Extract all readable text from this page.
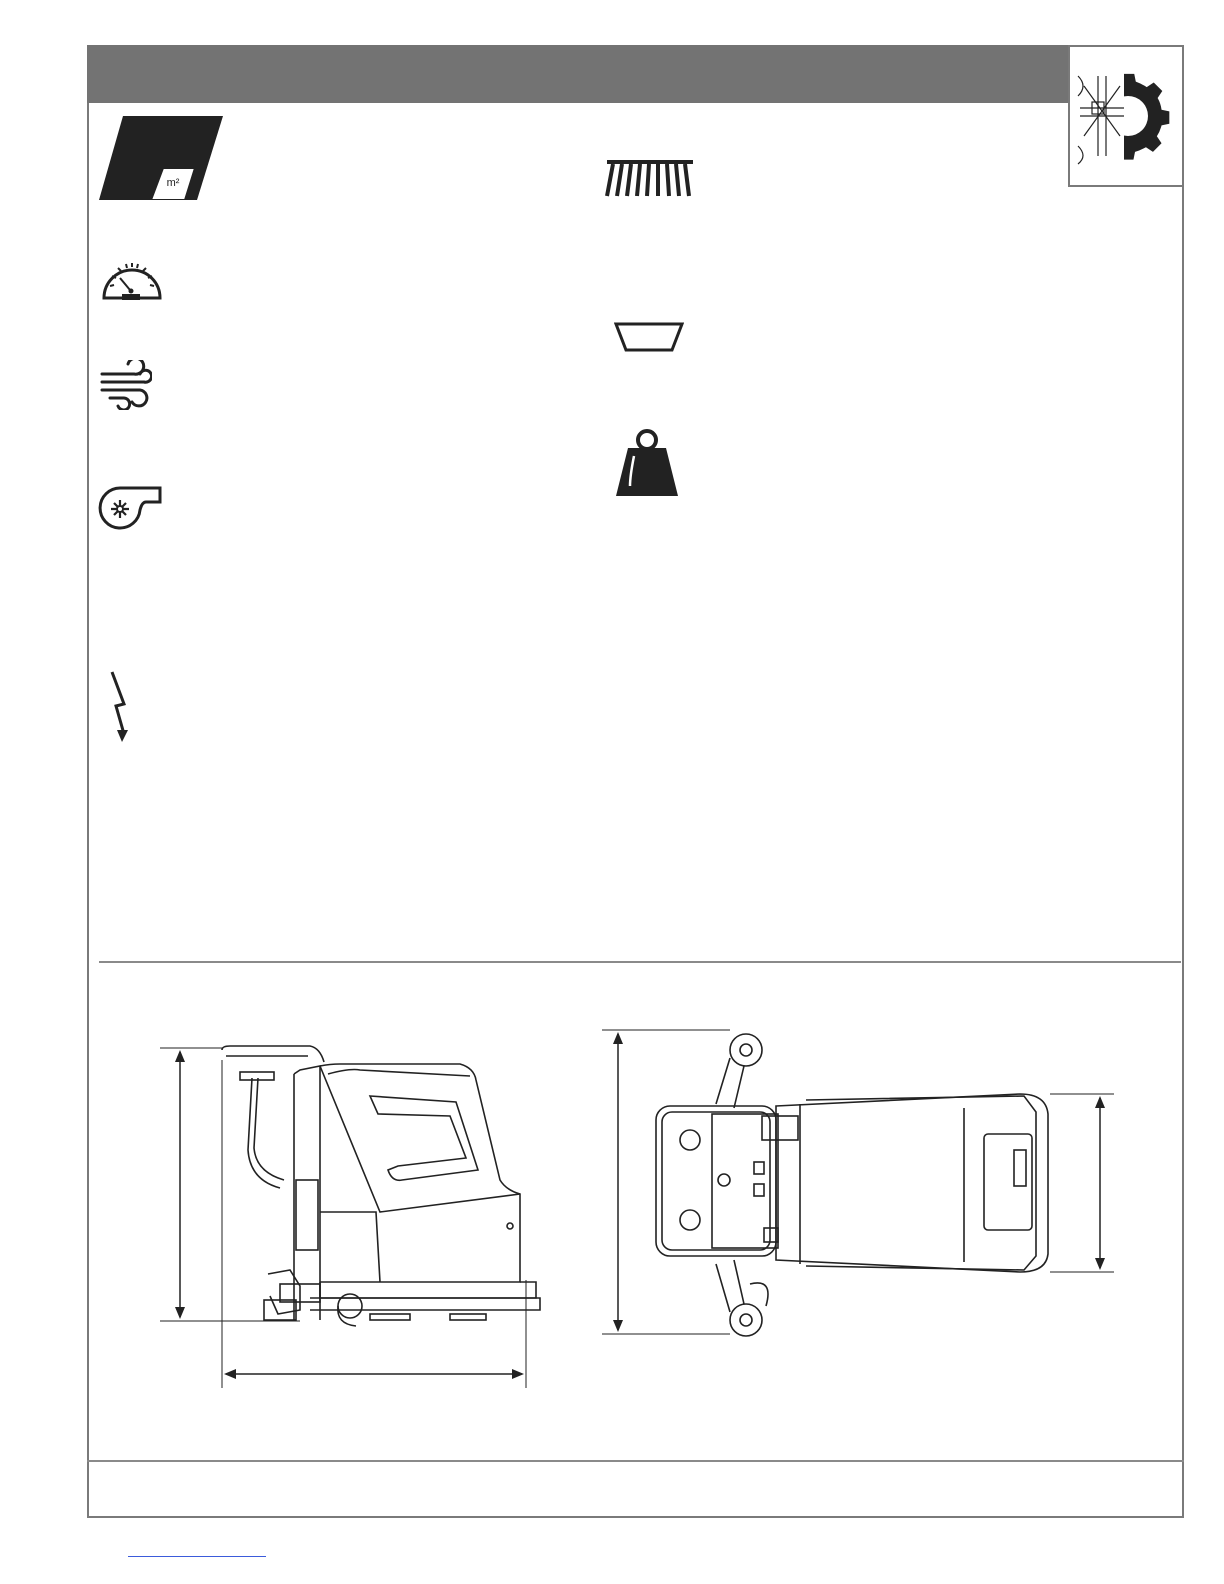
m²
